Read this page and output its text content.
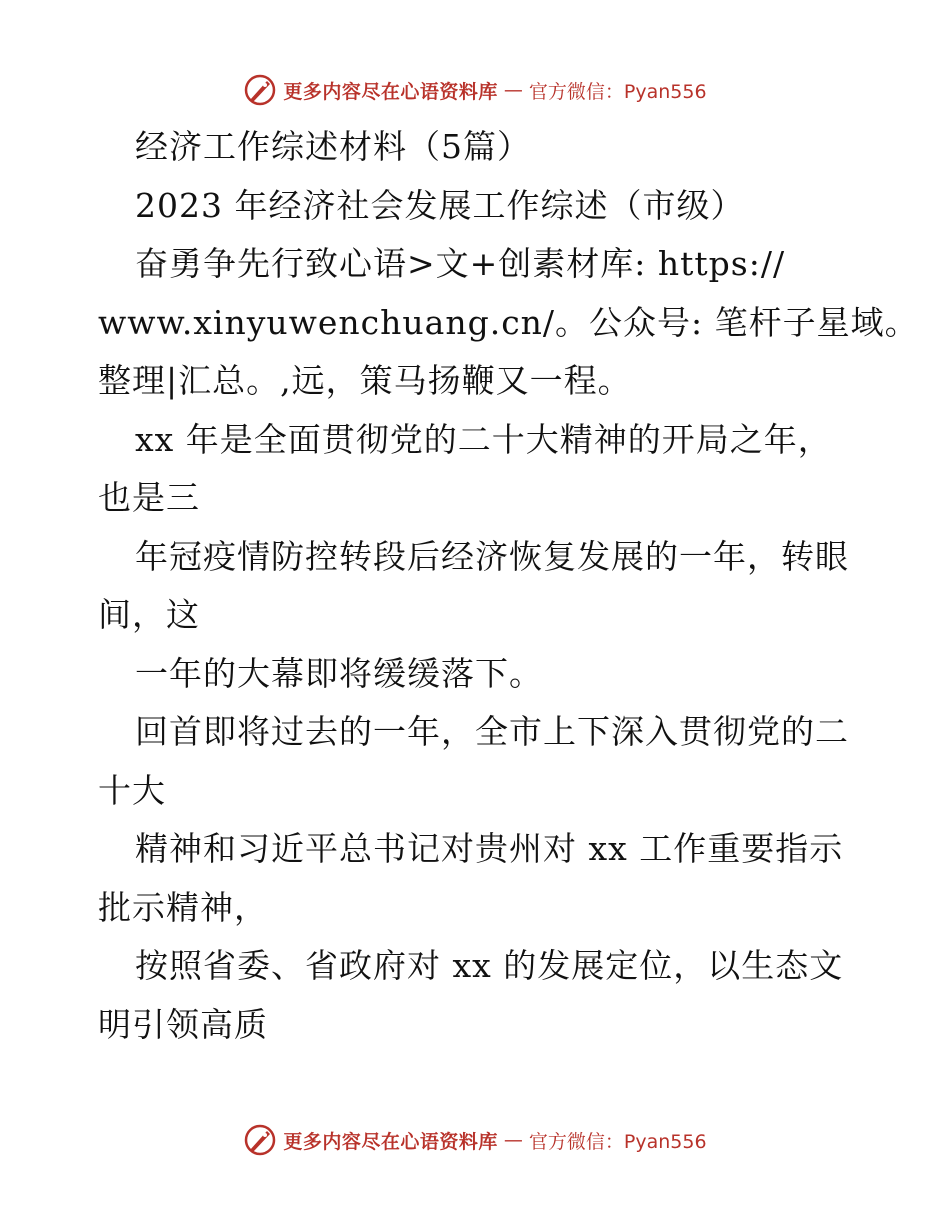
更多内容尽在心语资料库 — 官方微信：Pyan556
经济工作综述材料（5篇）
2023 年经济社会发展工作综述（市级）
奋勇争先行致心语>文+创素材库: https://
www.xinyuwenchuang.cn/。公众号: 笔杆子星域。
整理|汇总。,远，策马扬鞭又一程。
xx 年是全面贯彻党的二十大精神的开局之年，
也是三
年冠疫情防控转段后经济恢复发展的一年，转眼
间，这
一年的大幕即将缓缓落下。
回首即将过去的一年，全市上下深入贯彻党的二
十大
精神和习近平总书记对贵州对 xx 工作重要指示
批示精神，
按照省委、省政府对 xx 的发展定位，以生态文
明引领高质
更多内容尽在心语资料库 — 官方微信：Pyan556
